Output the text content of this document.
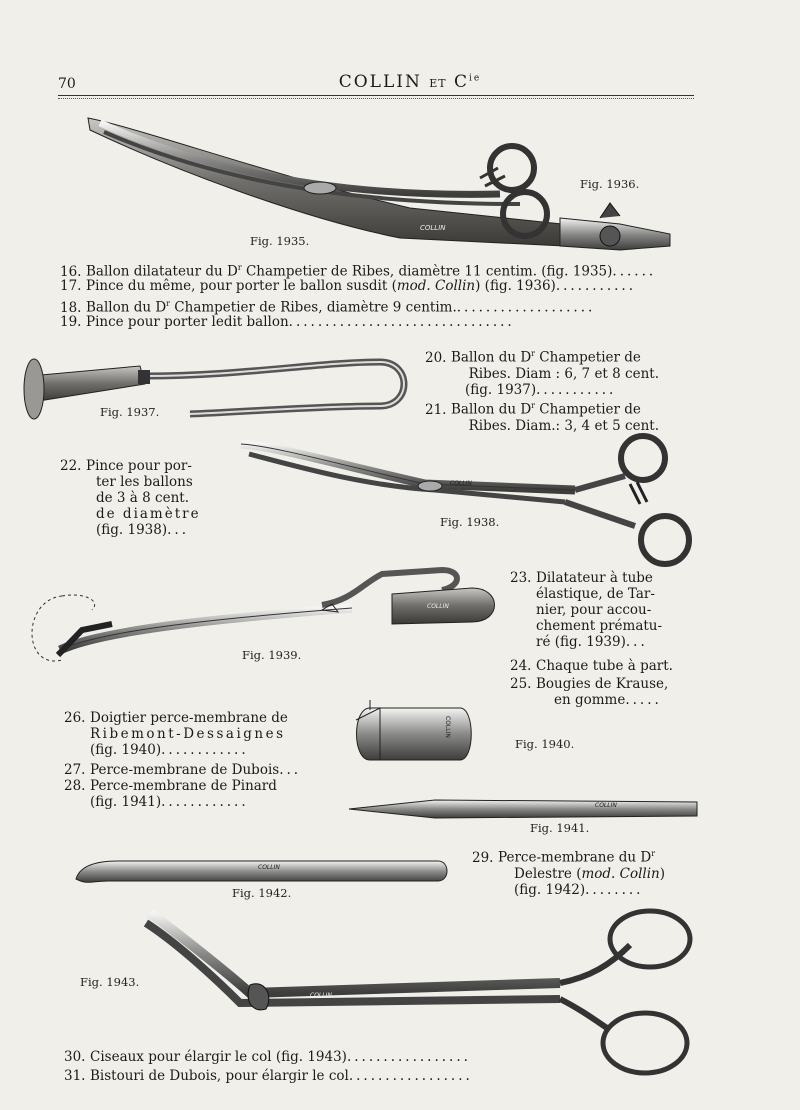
70	COLLIN ET $C^{ie}$
COLLIN
Fig. 1935.
Fig. 1936.
16. Ballon dilatateur du $D^r$ Champetier de Ribes, diamètre 11 centim. (fig. 1935)......
17. Pince du même, pour porter le ballon susdit (mod. Collin) (fig. 1936)...........
18. Ballon du $D^r$ Champetier de Ribes, diamètre 9 centim....................
19. Pince pour porter ledit ballon...............................
Fig. 1937.
20. Ballon du $D^r$ Champetier de
Ribes. Diam : 6, 7 et 8 cent.
(fig. 1937)...........
21. Ballon du $D^r$ Champetier de
Ribes. Diam.: 3, 4 et 5 cent.
22. Pince pour por-
ter les ballons
de 3 à 8 cent.
de diamètre
(fig. 1938)...
COLLIN
Fig. 1938.
COLLIN
Fig. 1939.
23. Dilatateur à tube
élastique, de Tar-
nier, pour accou-
chement prématu-
ré (fig. 1939)...
24. Chaque tube à part.
25. Bougies de Krause,
en gomme.....
26. Doigtier perce-membrane de
Ribemont-Dessaignes
(fig. 1940)............
27. Perce-membrane de Dubois...
28. Perce-membrane de Pinard
(fig. 1941)............
COLLIN
Fig. 1940.
COLLIN
Fig. 1941.
29. Perce-membrane du $D^r$
Delestre (mod. Collin)
(fig. 1942)........
COLLIN
Fig. 1942.
COLLIN
Fig. 1943.
30. Ciseaux pour élargir le col (fig. 1943).................
31. Bistouri de Dubois, pour élargir le col.................
